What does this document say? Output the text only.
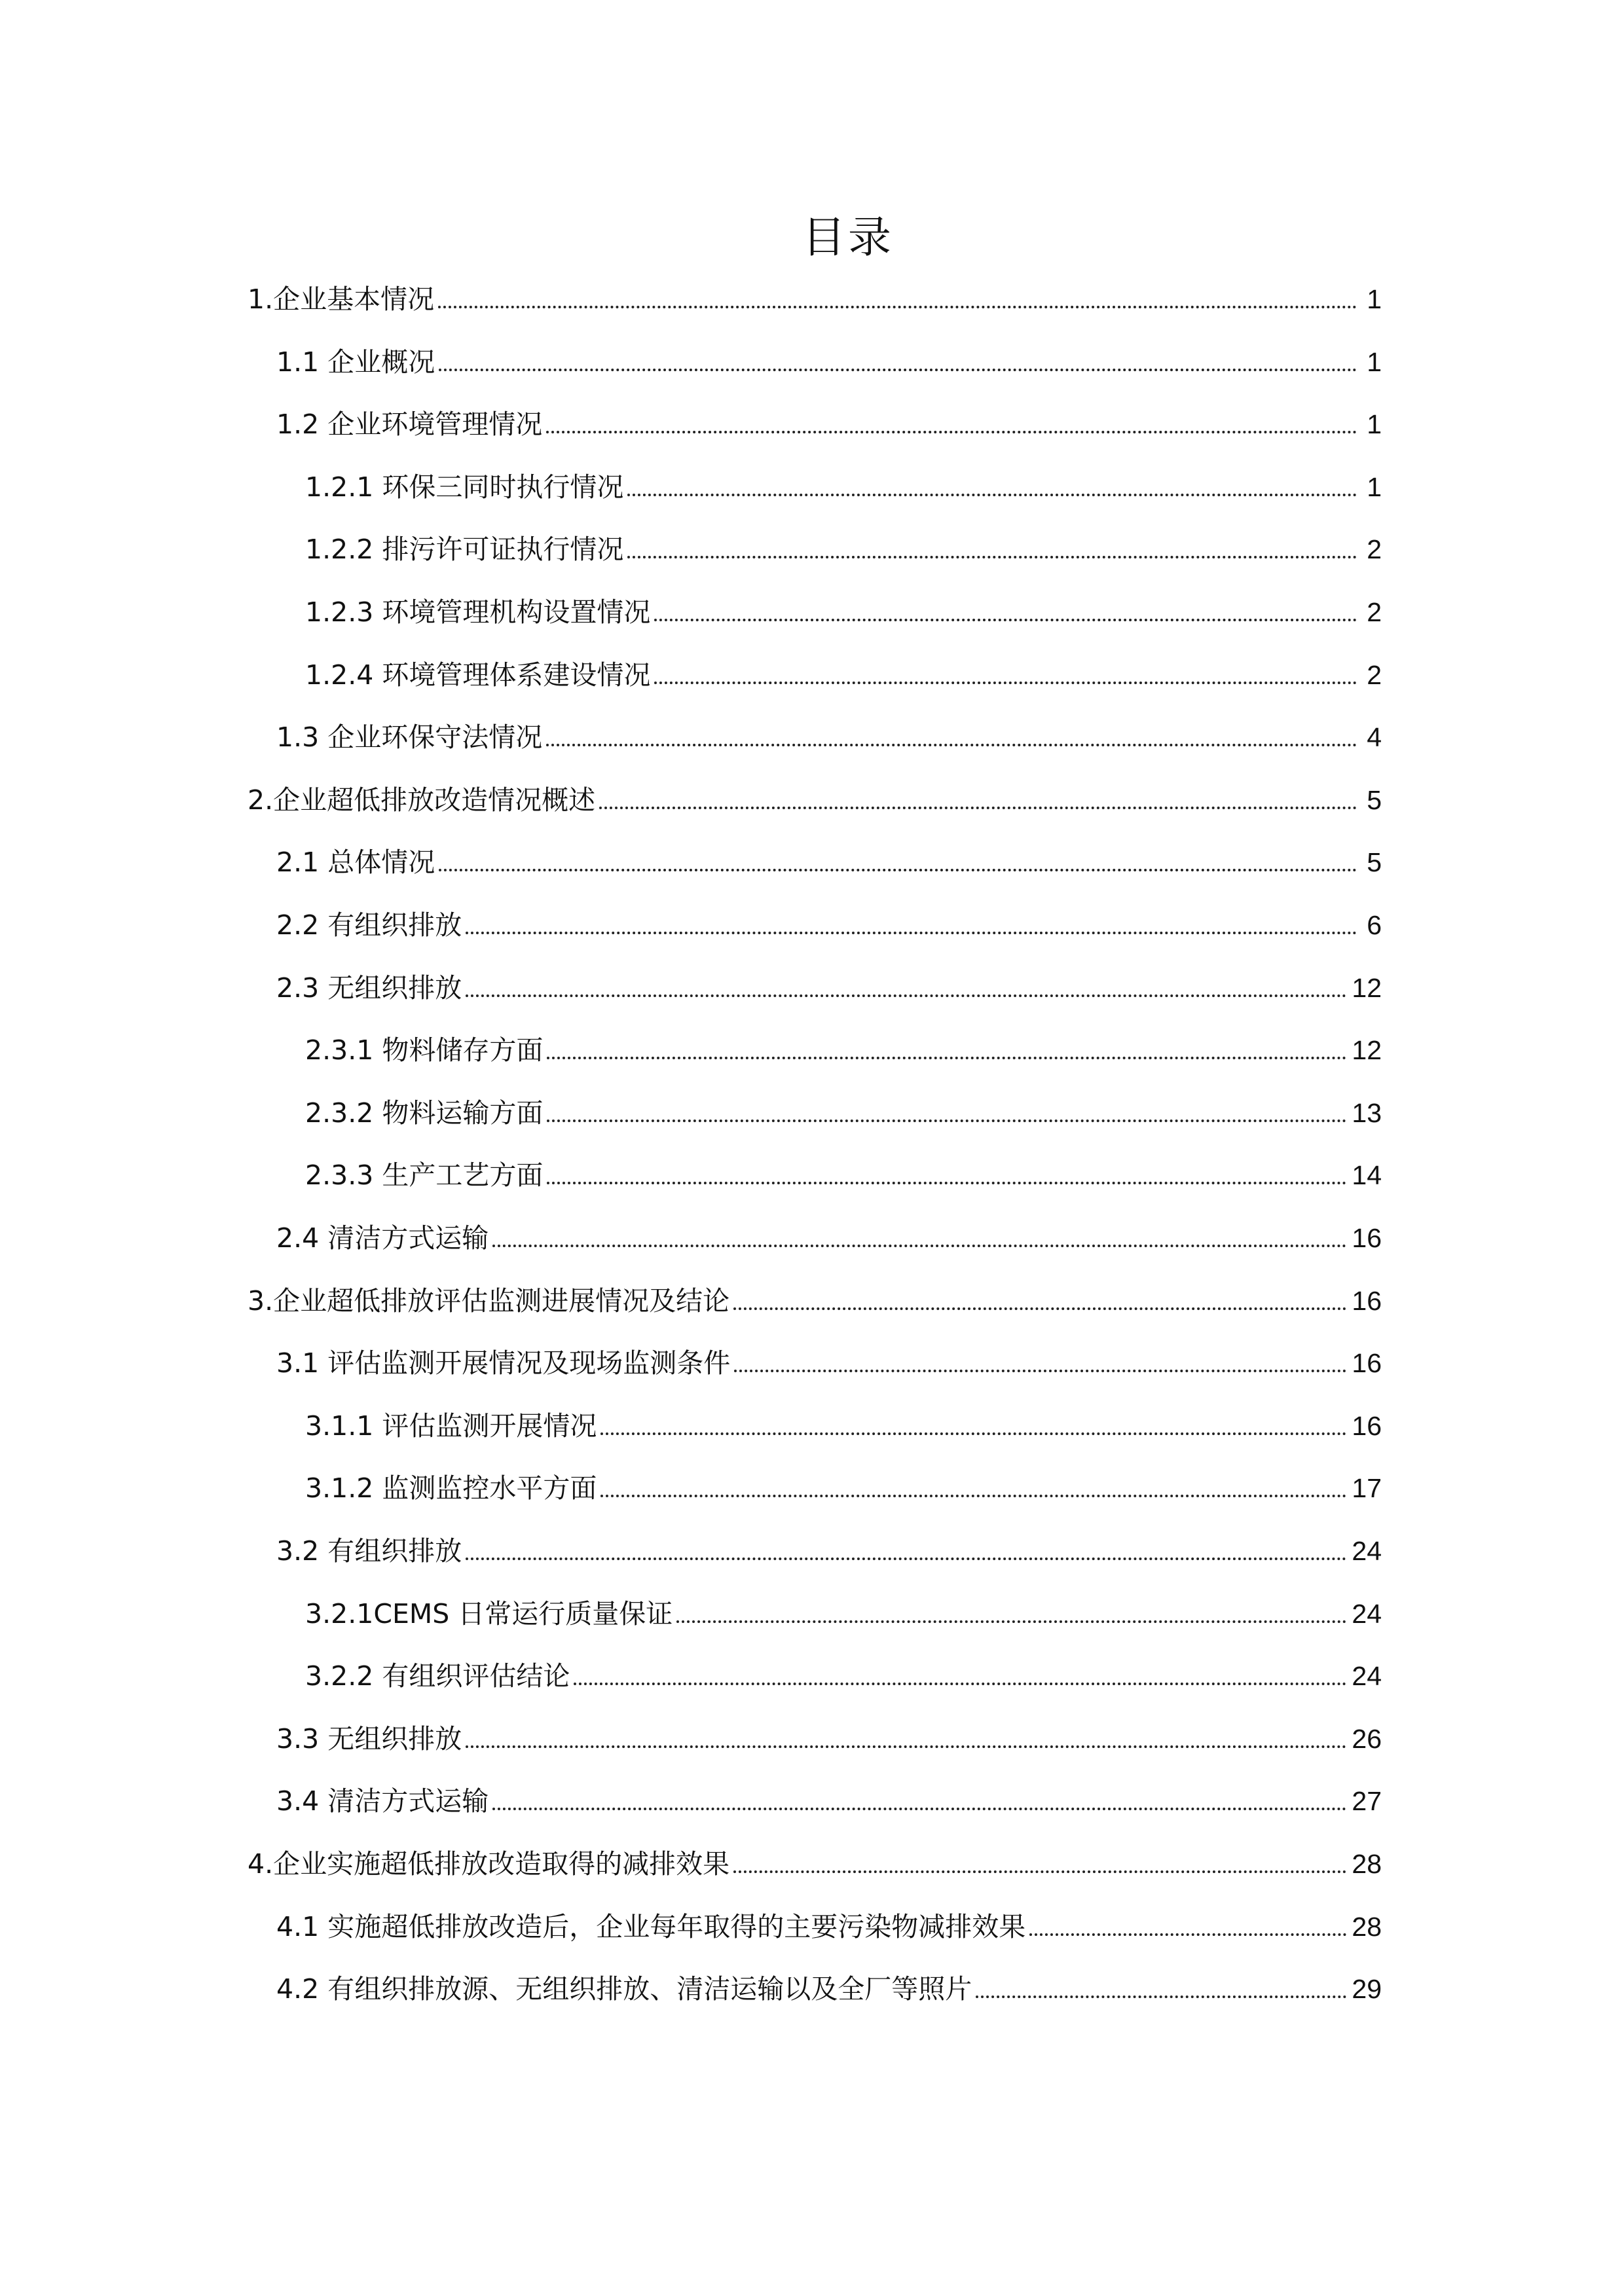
目录
1.企业基本情况	1
1.1 企业概况	1
1.2 企业环境管理情况	1
1.2.1 环保三同时执行情况	1
1.2.2 排污许可证执行情况	2
1.2.3 环境管理机构设置情况	2
1.2.4 环境管理体系建设情况	2
1.3 企业环保守法情况	4
2.企业超低排放改造情况概述	5
2.1 总体情况	5
2.2 有组织排放	6
2.3 无组织排放	12
2.3.1 物料储存方面	12
2.3.2 物料运输方面	13
2.3.3 生产工艺方面	14
2.4 清洁方式运输	16
3.企业超低排放评估监测进展情况及结论	16
3.1 评估监测开展情况及现场监测条件	16
3.1.1 评估监测开展情况	16
3.1.2 监测监控水平方面	17
3.2 有组织排放	24
3.2.1CEMS 日常运行质量保证	24
3.2.2 有组织评估结论	24
3.3 无组织排放	26
3.4 清洁方式运输	27
4.企业实施超低排放改造取得的减排效果	28
4.1 实施超低排放改造后，企业每年取得的主要污染物减排效果	28
4.2 有组织排放源、无组织排放、清洁运输以及全厂等照片	29
